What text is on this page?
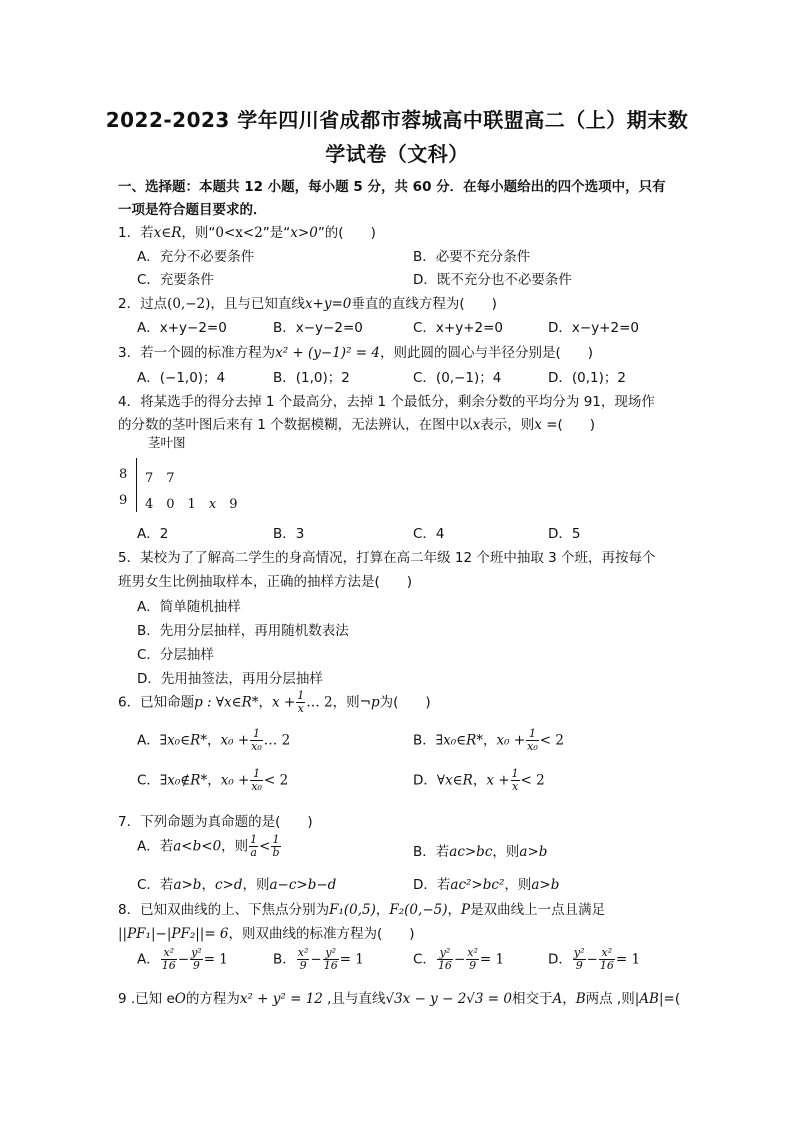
2022-2023 学年四川省成都市蓉城高中联盟高二（上）期末数
学试卷（文科）
一、选择题：本题共 12 小题，每小题 5 分，共 60 分．在每小题给出的四个选项中，只有
一项是符合题目要求的．
1．若x∈R，则“0<x<2”是“x>0”的(　　)
A．充分不必要条件	B．必要不充分条件
C．充要条件	D．既不充分也不必要条件
2．过点(0,−2)，且与已知直线x+y=0垂直的直线方程为(　　)
A．x+y−2=0	B．x−y−2=0	C．x+y+2=0	D．x−y+2=0
3．若一个圆的标准方程为x² + (y−1)² = 4，则此圆的圆心与半径分别是(　　)
A．(−1,0)；4	B．(1,0)；2	C．(0,−1)；4	D．(0,1)；2
4．将某选手的得分去掉 1 个最高分，去掉 1 个最低分，剩余分数的平均分为 91，现场作
的分数的茎叶图后来有 1 个数据模糊，无法辨认，在图中以x表示，则x =(　　)
茎叶图
8 7　7
9 4　0　1　 x　 9
A．2	B．3	C．4	D．5
5．某校为了了解高二学生的身高情况，打算在高二年级 12 个班中抽取 3 个班，再按每个
班男女生比例抽取样本，正确的抽样方法是(　　)
A．简单随机抽样
B．先用分层抽样，再用随机数表法
C．分层抽样
D．先用抽签法，再用分层抽样
6．已知命题p : ∀x∈R*，$x + \frac{1}{x}$ … 2，则¬p为(　　)
A．∃x₀∈R*，$x_0 + \frac{1}{\text{x₀}}$ … 2	B．∃x₀∈R*，$x_0 + \frac{1}{\text{x₀}} < 2$
C．∃x₀∉R*，$x_0 + \frac{1}{\text{x₀}} < 2$	D．∀x∈R，$x + \frac{1}{x} < 2$
7．下列命题为真命题的是(　　)
A．若a<b<0，则 $\frac{1}{a} < \frac{1}{b}$	B．若ac>bc，则a>b
C．若a>b，c>d，则a−c>b−d	D．若ac²>bc²，则a>b
8．已知双曲线的上、下焦点分别为F₁(0,5)，F₂(0,−5)，P是双曲线上一点且满足
||PF₁|−|PF₂||= 6，则双曲线的标准方程为(　　)
A． $\frac{\text{x²}}{16} - \frac{\text{y²}}{9} = 1$	B． $\frac{\text{x²}}{9} - \frac{\text{y²}}{16} = 1$	C． $\frac{\text{y²}}{16} - \frac{\text{x²}}{9} = 1$	D． $\frac{\text{y²}}{9} - \frac{\text{x²}}{16} = 1$
9 .已知 eO的方程为x² + y² = 12 ,且与直线√3x − y − 2√3 = 0相交于A，B两点 ,则|AB|=(
